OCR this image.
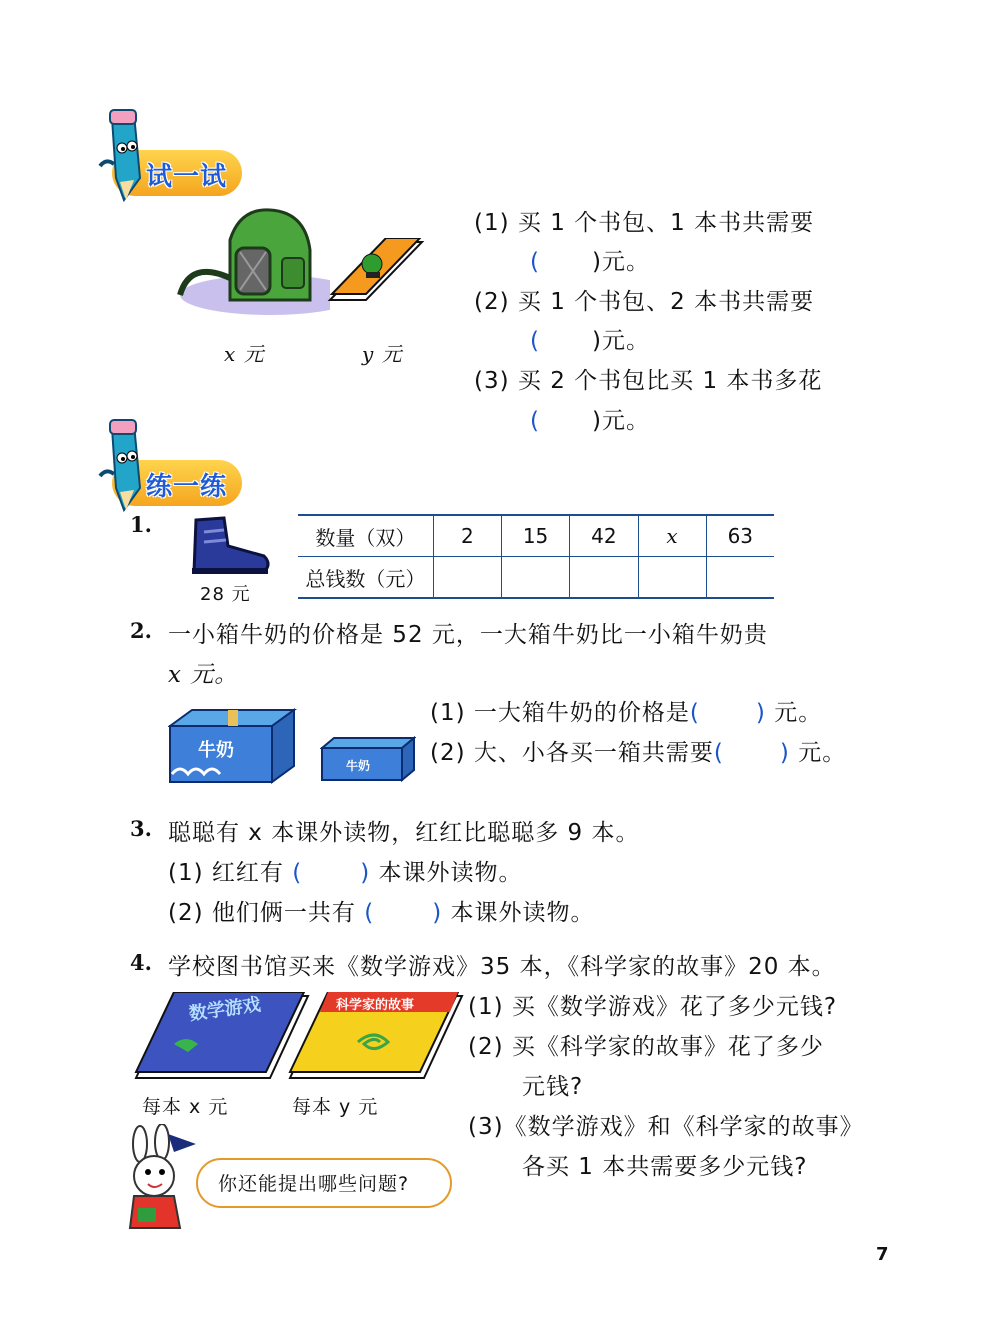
试一试
x 元	y 元
(1) 买 1 个书包、1 本书共需要
( )元。
(2) 买 1 个书包、2 本书共需要
( )元。
(3) 买 2 个书包比买 1 本书多花
( )元。
练一练
1.
28 元
数量（双）	2	15	42	x	63
总钱数（元）					
2. 一小箱牛奶的价格是 52 元，一大箱牛奶比一小箱牛奶贵
x 元。
牛奶
牛奶
(1) 一大箱牛奶的价格是( ) 元。
(2) 大、小各买一箱共需要( ) 元。
3. 聪聪有 x 本课外读物，红红比聪聪多 9 本。
(1) 红红有 (	) 本课外读物。
(2) 他们俩一共有 (	) 本课外读物。
4. 学校图书馆买来《数学游戏》35 本，《科学家的故事》20 本。
数学游戏	科学家的故事
每本 x 元	每本 y 元
(1) 买《数学游戏》花了多少元钱?
(2) 买《科学家的故事》花了多少
元钱?
(3)《数学游戏》和《科学家的故事》
各买 1 本共需要多少元钱?
你还能提出哪些问题?
7
